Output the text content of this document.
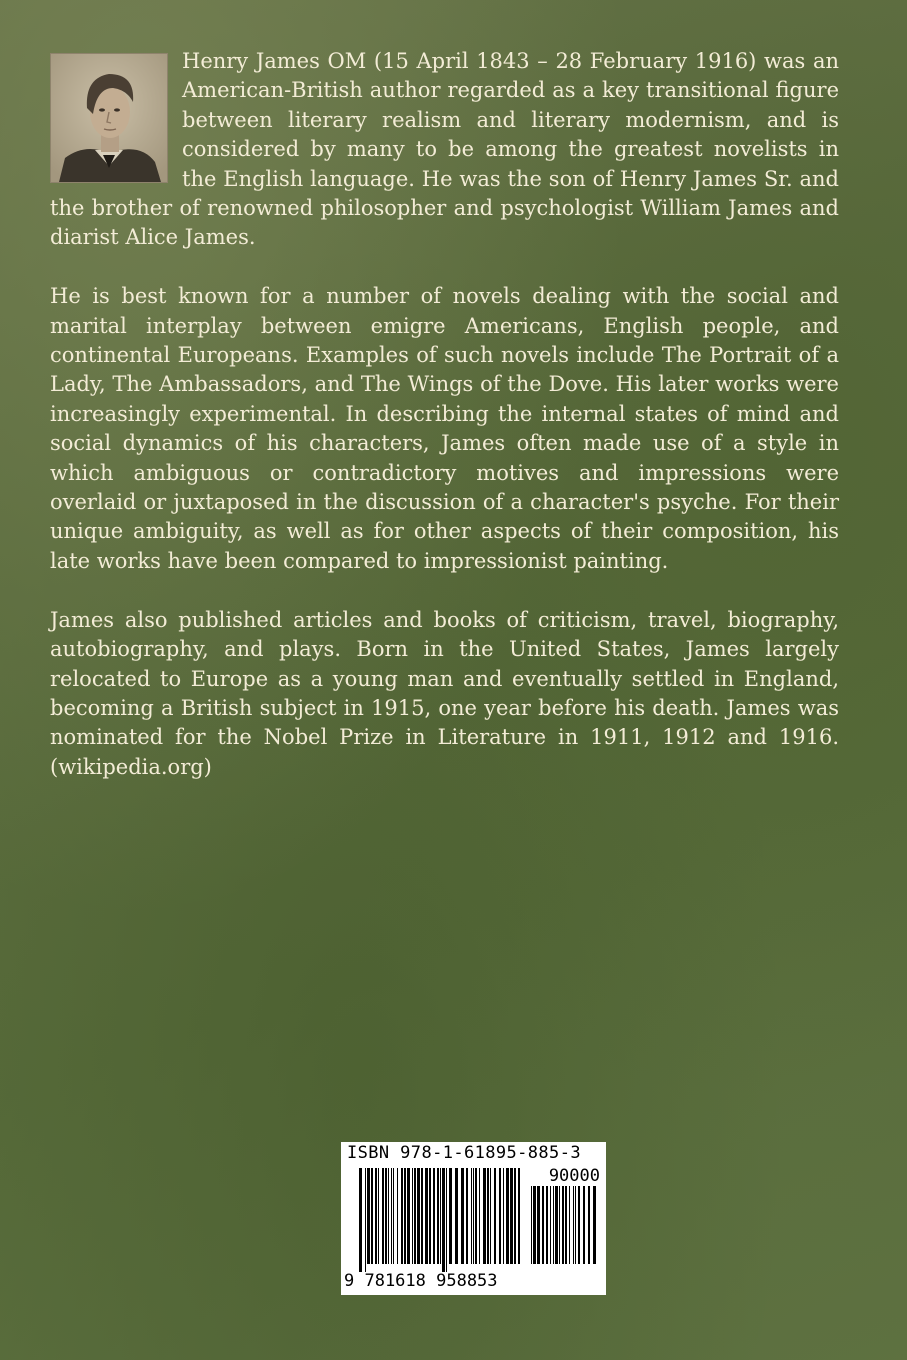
Henry James OM (15 April 1843 – 28 February 1916) was an American-British author regarded as a key transitional figure between literary realism and literary modernism, and is considered by many to be among the greatest novelists in the English language. He was the son of Henry James Sr. and the brother of renowned philosopher and psychologist William James and diarist Alice James.

He is best known for a number of novels dealing with the social and marital interplay between emigre Americans, English people, and continental Europeans. Examples of such novels include The Portrait of a Lady, The Ambassadors, and The Wings of the Dove. His later works were increasingly experimental. In describing the internal states of mind and social dynamics of his characters, James often made use of a style in which ambiguous or contradictory motives and impressions were overlaid or juxtaposed in the discussion of a character's psyche. For their unique ambiguity, as well as for other aspects of their composition, his late works have been compared to impressionist painting.

James also published articles and books of criticism, travel, biography, autobiography, and plays. Born in the United States, James largely relocated to Europe as a young man and eventually settled in England, becoming a British subject in 1915, one year before his death. James was nominated for the Nobel Prize in Literature in 1911, 1912 and 1916. (wikipedia.org)

ISBN 978-1-61895-885-3
90000
9 781618 958853
